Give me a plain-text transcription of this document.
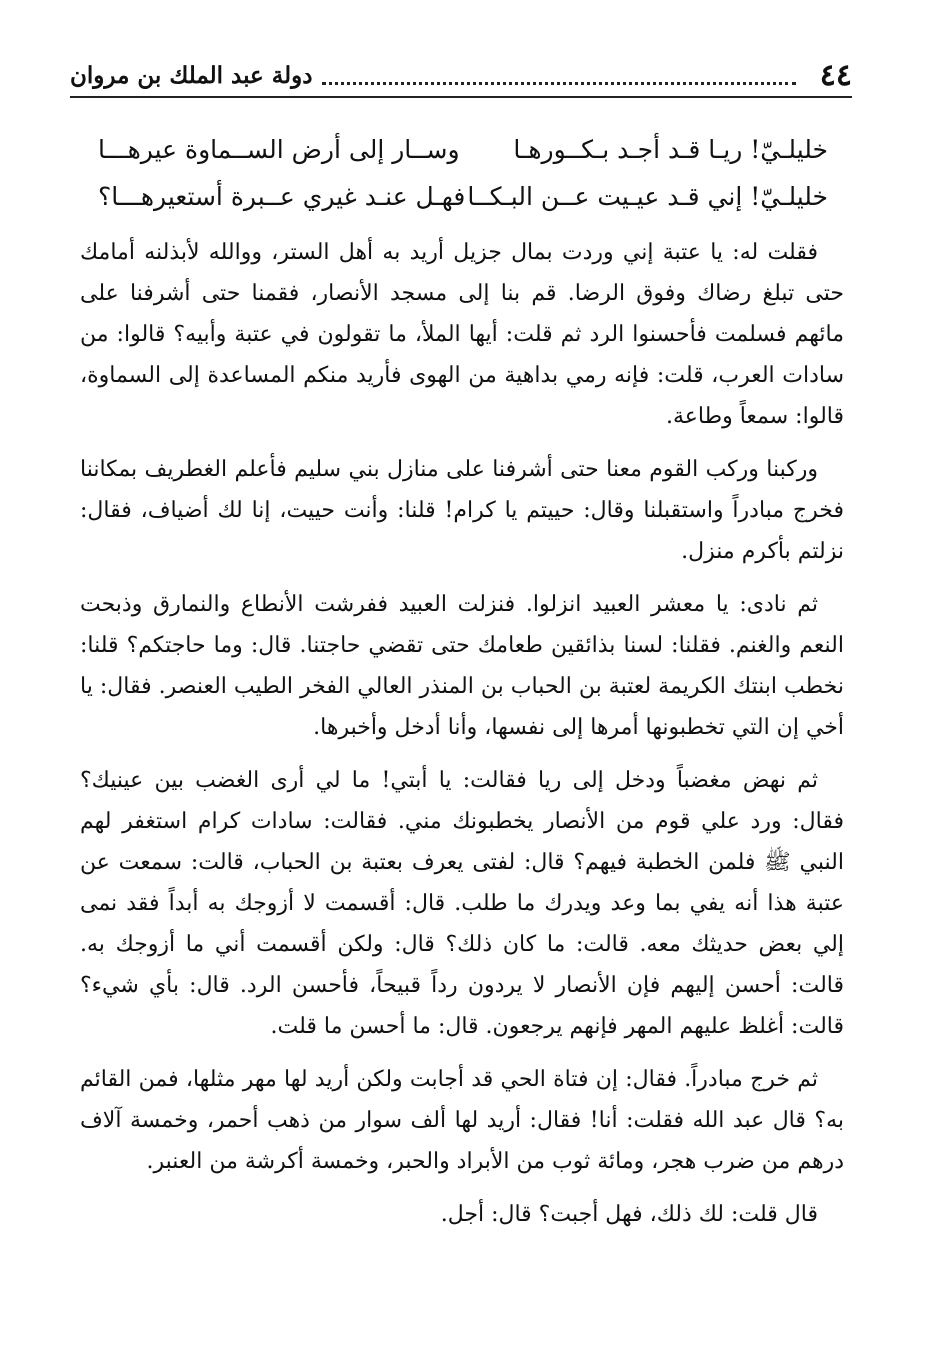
٤٤
دولة عبد الملك بن مروان
خليلـيّ! ريـا قـد أجـد بـكــورهـا
وســار إلى أرض الســماوة عيرهـــا
خليلـيّ! إني قـد عيـيت عــن البـكــا
فهـل عنـد غيري عــبرة أستعيرهـــا؟

فقلت له: يا عتبة إني وردت بمال جزيل أريد به أهل الستر، ووالله لأبذلنه أمامك حتى تبلغ رضاك وفوق الرضا. قم بنا إلى مسجد الأنصار، فقمنا حتى أشرفنا على مائهم فسلمت فأحسنوا الرد ثم قلت: أيها الملأ، ما تقولون في عتبة وأبيه؟ قالوا: من سادات العرب، قلت: فإنه رمي بداهية من الهوى فأريد منكم المساعدة إلى السماوة، قالوا: سمعاً وطاعة.

وركبنا وركب القوم معنا حتى أشرفنا على منازل بني سليم فأعلم الغطريف بمكاننا فخرج مبادراً واستقبلنا وقال: حييتم يا كرام! قلنا: وأنت حييت، إنا لك أضياف، فقال: نزلتم بأكرم منزل.

ثم نادى: يا معشر العبيد انزلوا. فنزلت العبيد ففرشت الأنطاع والنمارق وذبحت النعم والغنم. فقلنا: لسنا بذائقين طعامك حتى تقضي حاجتنا. قال: وما حاجتكم؟ قلنا: نخطب ابنتك الكريمة لعتبة بن الحباب بن المنذر العالي الفخر الطيب العنصر. فقال: يا أخي إن التي تخطبونها أمرها إلى نفسها، وأنا أدخل وأخبرها.

ثم نهض مغضباً ودخل إلى ريا فقالت: يا أبتي! ما لي أرى الغضب بين عينيك؟ فقال: ورد علي قوم من الأنصار يخطبونك مني. فقالت: سادات كرام استغفر لهم النبي ﷺ فلمن الخطبة فيهم؟ قال: لفتى يعرف بعتبة بن الحباب، قالت: سمعت عن عتبة هذا أنه يفي بما وعد ويدرك ما طلب. قال: أقسمت لا أزوجك به أبداً فقد نمى إلي بعض حديثك معه. قالت: ما كان ذلك؟ قال: ولكن أقسمت أني ما أزوجك به. قالت: أحسن إليهم فإن الأنصار لا يردون رداً قبيحاً، فأحسن الرد. قال: بأي شيء؟ قالت: أغلظ عليهم المهر فإنهم يرجعون. قال: ما أحسن ما قلت.

ثم خرج مبادراً. فقال: إن فتاة الحي قد أجابت ولكن أريد لها مهر مثلها، فمن القائم به؟ قال عبد الله فقلت: أنا! فقال: أريد لها ألف سوار من ذهب أحمر، وخمسة آلاف درهم من ضرب هجر، ومائة ثوب من الأبراد والحبر، وخمسة أكرشة من العنبر.

قال قلت: لك ذلك، فهل أجبت؟ قال: أجل.
